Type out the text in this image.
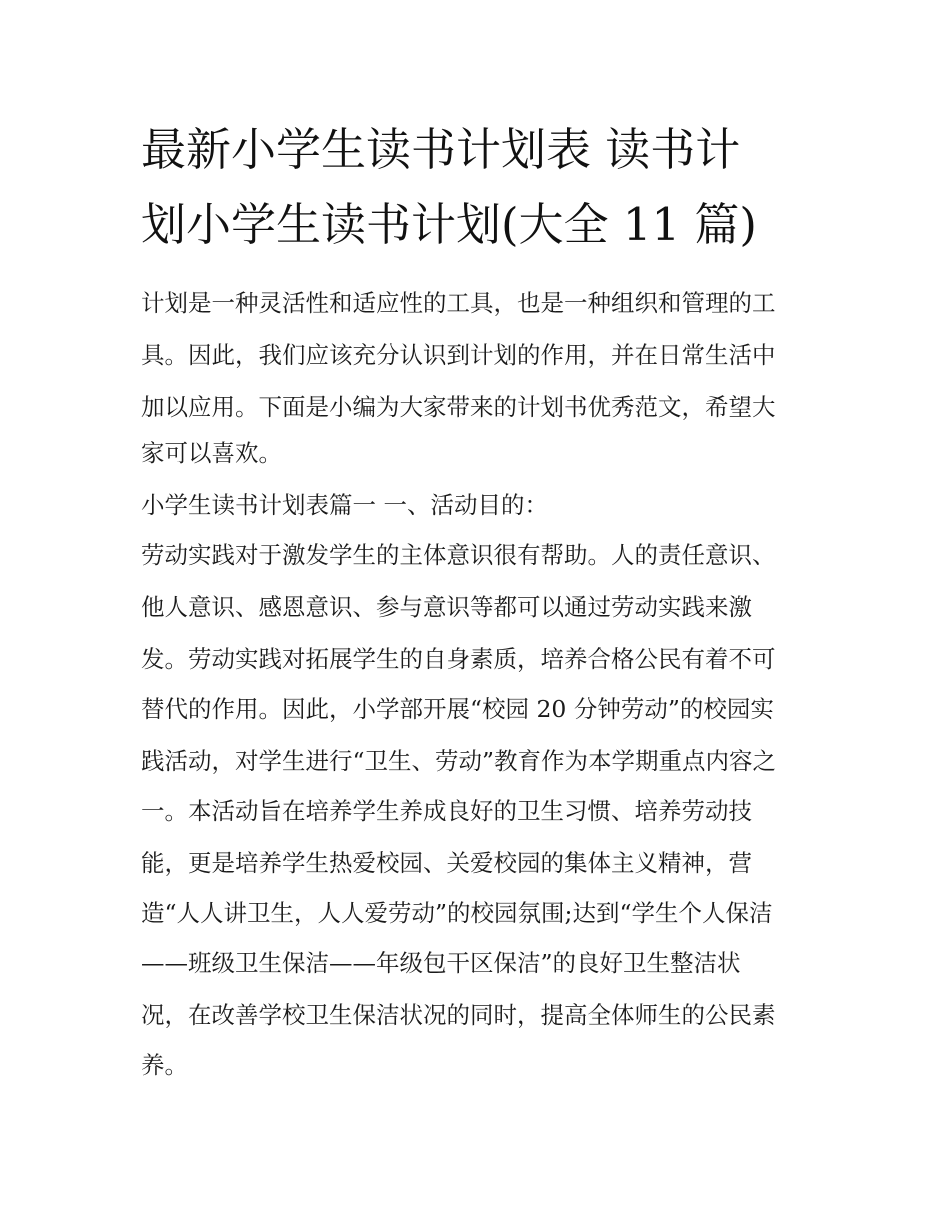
最新小学生读书计划表 读书计
划小学生读书计划(大全 11 篇)
计划是一种灵活性和适应性的工具，也是一种组织和管理的工
具。因此，我们应该充分认识到计划的作用，并在日常生活中
加以应用。下面是小编为大家带来的计划书优秀范文，希望大
家可以喜欢。
小学生读书计划表篇一 一、活动目的：
劳动实践对于激发学生的主体意识很有帮助。人的责任意识、
他人意识、感恩意识、参与意识等都可以通过劳动实践来激
发。劳动实践对拓展学生的自身素质，培养合格公民有着不可
替代的作用。因此，小学部开展“校园 20 分钟劳动”的校园实
践活动，对学生进行“卫生、劳动”教育作为本学期重点内容之
一。本活动旨在培养学生养成良好的卫生习惯、培养劳动技
能，更是培养学生热爱校园、关爱校园的集体主义精神，营
造“人人讲卫生，人人爱劳动”的校园氛围;达到“学生个人保洁
——班级卫生保洁——年级包干区保洁”的良好卫生整洁状
况，在改善学校卫生保洁状况的同时，提高全体师生的公民素
养。
